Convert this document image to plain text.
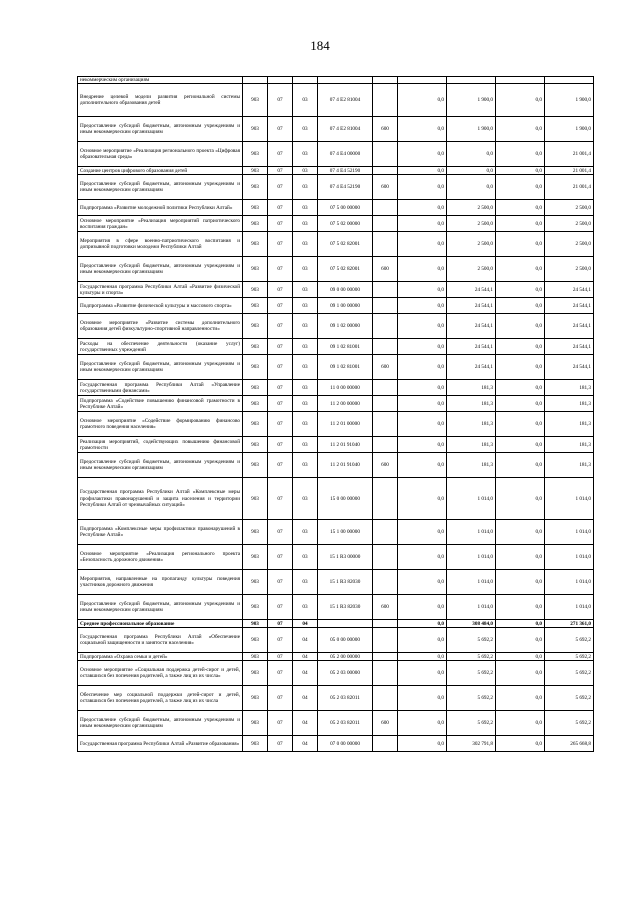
184
некоммерческим организациям									
Внедрение целевой модели развития региональной системы дополнительного образования детей	903	07	03	07 4 E2 81004		0,0	1 900,0	0,0	1 900,0
Предоставление субсидий бюджетным, автономным учреждениям и иным некоммерческим организациям	903	07	03	07 4 E2 81004	600	0,0	1 900,0	0,0	1 900,0
Основное мероприятие «Реализация регионального проекта «Цифровая образовательная среда»	903	07	03	07 4 E4 00000		0,0	0,0	0,0	21 001,4
Создание центров цифрового образования детей	903	07	03	07 4 E4 52190		0,0	0,0	0,0	21 001,4
Предоставление субсидий бюджетным, автономным учреждениям и иным некоммерческим организациям	903	07	03	07 4 E4 52190	600	0,0	0,0	0,0	21 001,4
Подпрограмма «Развитие молодежной политики Республики Алтай»	903	07	03	07 5 00 00000		0,0	2 500,0	0,0	2 500,0
Основное мероприятие «Реализация мероприятий патриотического воспитания граждан»	903	07	03	07 5 02 00000		0,0	2 500,0	0,0	2 500,0
Мероприятия в сфере военно-патриотического воспитания и допризывной подготовки молодежи Республики Алтай	903	07	03	07 5 02 82001		0,0	2 500,0	0,0	2 500,0
Предоставление субсидий бюджетным, автономным учреждениям и иным некоммерческим организациям	903	07	03	07 5 02 82001	600	0,0	2 500,0	0,0	2 500,0
Государственная программа Республики Алтай «Развитие физической культуры и спорта»	903	07	03	09 0 00 00000		0,0	24 544,1	0,0	24 544,1
Подпрограмма «Развитие физической культуры и массового спорта»	903	07	03	09 1 00 00000		0,0	24 544,1	0,0	24 544,1
Основное мероприятие «Развитие системы дополнительного образования детей физкультурно-спортивной направленности»	903	07	03	09 1 02 00000		0,0	24 544,1	0,0	24 544,1
Расходы на обеспечение деятельности (оказание услуг) государственных учреждений	903	07	03	09 1 02 81001		0,0	24 544,1	0,0	24 544,1
Предоставление субсидий бюджетным, автономным учреждениям и иным некоммерческим организациям	903	07	03	09 1 02 81001	600	0,0	24 544,1	0,0	24 544,1
Государственная программа Республики Алтай «Управление государственными финансами»	903	07	03	11 0 00 00000		0,0	181,3	0,0	181,3
Подпрограмма «Содействие повышению финансовой грамотности в Республике Алтай»	903	07	03	11 2 00 00000		0,0	181,3	0,0	181,3
Основное мероприятие «Содействие формированию финансово грамотного поведения населения»	903	07	03	11 2 01 00000		0,0	181,3	0,0	181,3
Реализация мероприятий, содействующих повышению финансовой грамотности	903	07	03	11 2 01 91040		0,0	181,3	0,0	181,3
Предоставление субсидий бюджетным, автономным учреждениям и иным некоммерческим организациям	903	07	03	11 2 01 91040	600	0,0	181,3	0,0	181,3
Государственная программа Республики Алтай «Комплексные меры профилактики правонарушений и защита населения и территории Республики Алтай от чрезвычайных ситуаций»	903	07	03	15 0 00 00000		0,0	1 014,0	0,0	1 014,0
Подпрограмма «Комплексные меры профилактики правонарушений в Республике Алтай»	903	07	03	15 1 00 00000		0,0	1 014,0	0,0	1 014,0
Основное мероприятие «Реализация регионального проекта «Безопасность дорожного движения»	903	07	03	15 1 R3 00000		0,0	1 014,0	0,0	1 014,0
Мероприятия, направленные на пропаганду культуры поведения участников дорожного движения	903	07	03	15 1 R3 82030		0,0	1 014,0	0,0	1 014,0
Предоставление субсидий бюджетным, автономным учреждениям и иным некоммерческим организациям	903	07	03	15 1 R3 82030	600	0,0	1 014,0	0,0	1 014,0
Среднее профессиональное образование	903	07	04			0,0	308 484,0	0,0	271 361,0
Государственная программа Республики Алтай «Обеспечение социальной защищенности и занятости населения»	903	07	04	05 0 00 00000		0,0	5 692,2	0,0	5 692,2
Подпрограмма «Охрана семьи и детей»	903	07	04	05 2 00 00000		0,0	5 692,2	0,0	5 692,2
Основное мероприятие «Социальная поддержка детей-сирот и детей, оставшихся без попечения родителей, а также лиц из их числа»	903	07	04	05 2 03 00000		0,0	5 692,2	0,0	5 692,2
Обеспечение мер социальной поддержки детей-сирот и детей, оставшихся без попечения родителей, а также лиц из их числа	903	07	04	05 2 03 82011		0,0	5 692,2	0,0	5 692,2
Предоставление субсидий бюджетным, автономным учреждениям и иным некоммерческим организациям	903	07	04	05 2 03 82011	600	0,0	5 692,2	0,0	5 692,2
Государственная программа Республики Алтай «Развитие образования»	903	07	04	07 0 00 00000		0,0	302 791,8	0,0	265 668,8
